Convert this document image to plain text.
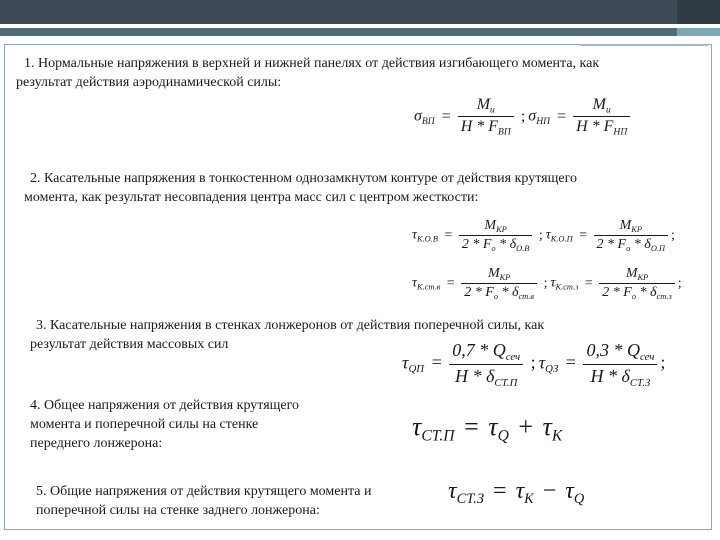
1. Нормальные напряжения в верхней и нижней панелях от действия изгибающего момента, как
результат действия аэродинамической силы:
$\sigma_{ВП} = \frac{M_и}{H * F_{ВП}}$ ; $\sigma_{НП} = \frac{M_и}{H * F_{НП}}$
2. Касательные напряжения в тонкостенном однозамкнутом контуре от действия крутящего
момента, как результат несовпадения центра масс сил с центром жесткости:
$\tau_{К.О.В} = \frac{M_{КР}}{2 * F_о * \delta_{О.В}}$ ; $\tau_{К.О.П} = \frac{M_{КР}}{2 * F_о * \delta_{О.П}}$ ;
$\tau_{К.ст.в} = \frac{M_{КР}}{2 * F_о * \delta_{ст.в}}$ ; $\tau_{К.ст.з} = \frac{M_{КР}}{2 * F_о * \delta_{ст.з}}$ ;
3. Касательные напряжения в стенках лонжеронов от действия поперечной силы, как
результат действия массовых сил
$\tau_{QП} = \frac{0,7 * Q_{сеч}}{H * \delta_{СТ.П}}$ ; $\tau_{QЗ} = \frac{0,3 * Q_{сеч}}{H * \delta_{СТ.З}}$ ;
4. Общее напряжения от действия крутящего
момента и поперечной силы на стенке
переднего лонжерона:
$\tau_{СТ.П} = \tau_Q + \tau_К$
5. Общие напряжения от действия крутящего момента и
поперечной силы на стенке заднего лонжерона:
$\tau_{СТ.З} = \tau_К - \tau_Q$
